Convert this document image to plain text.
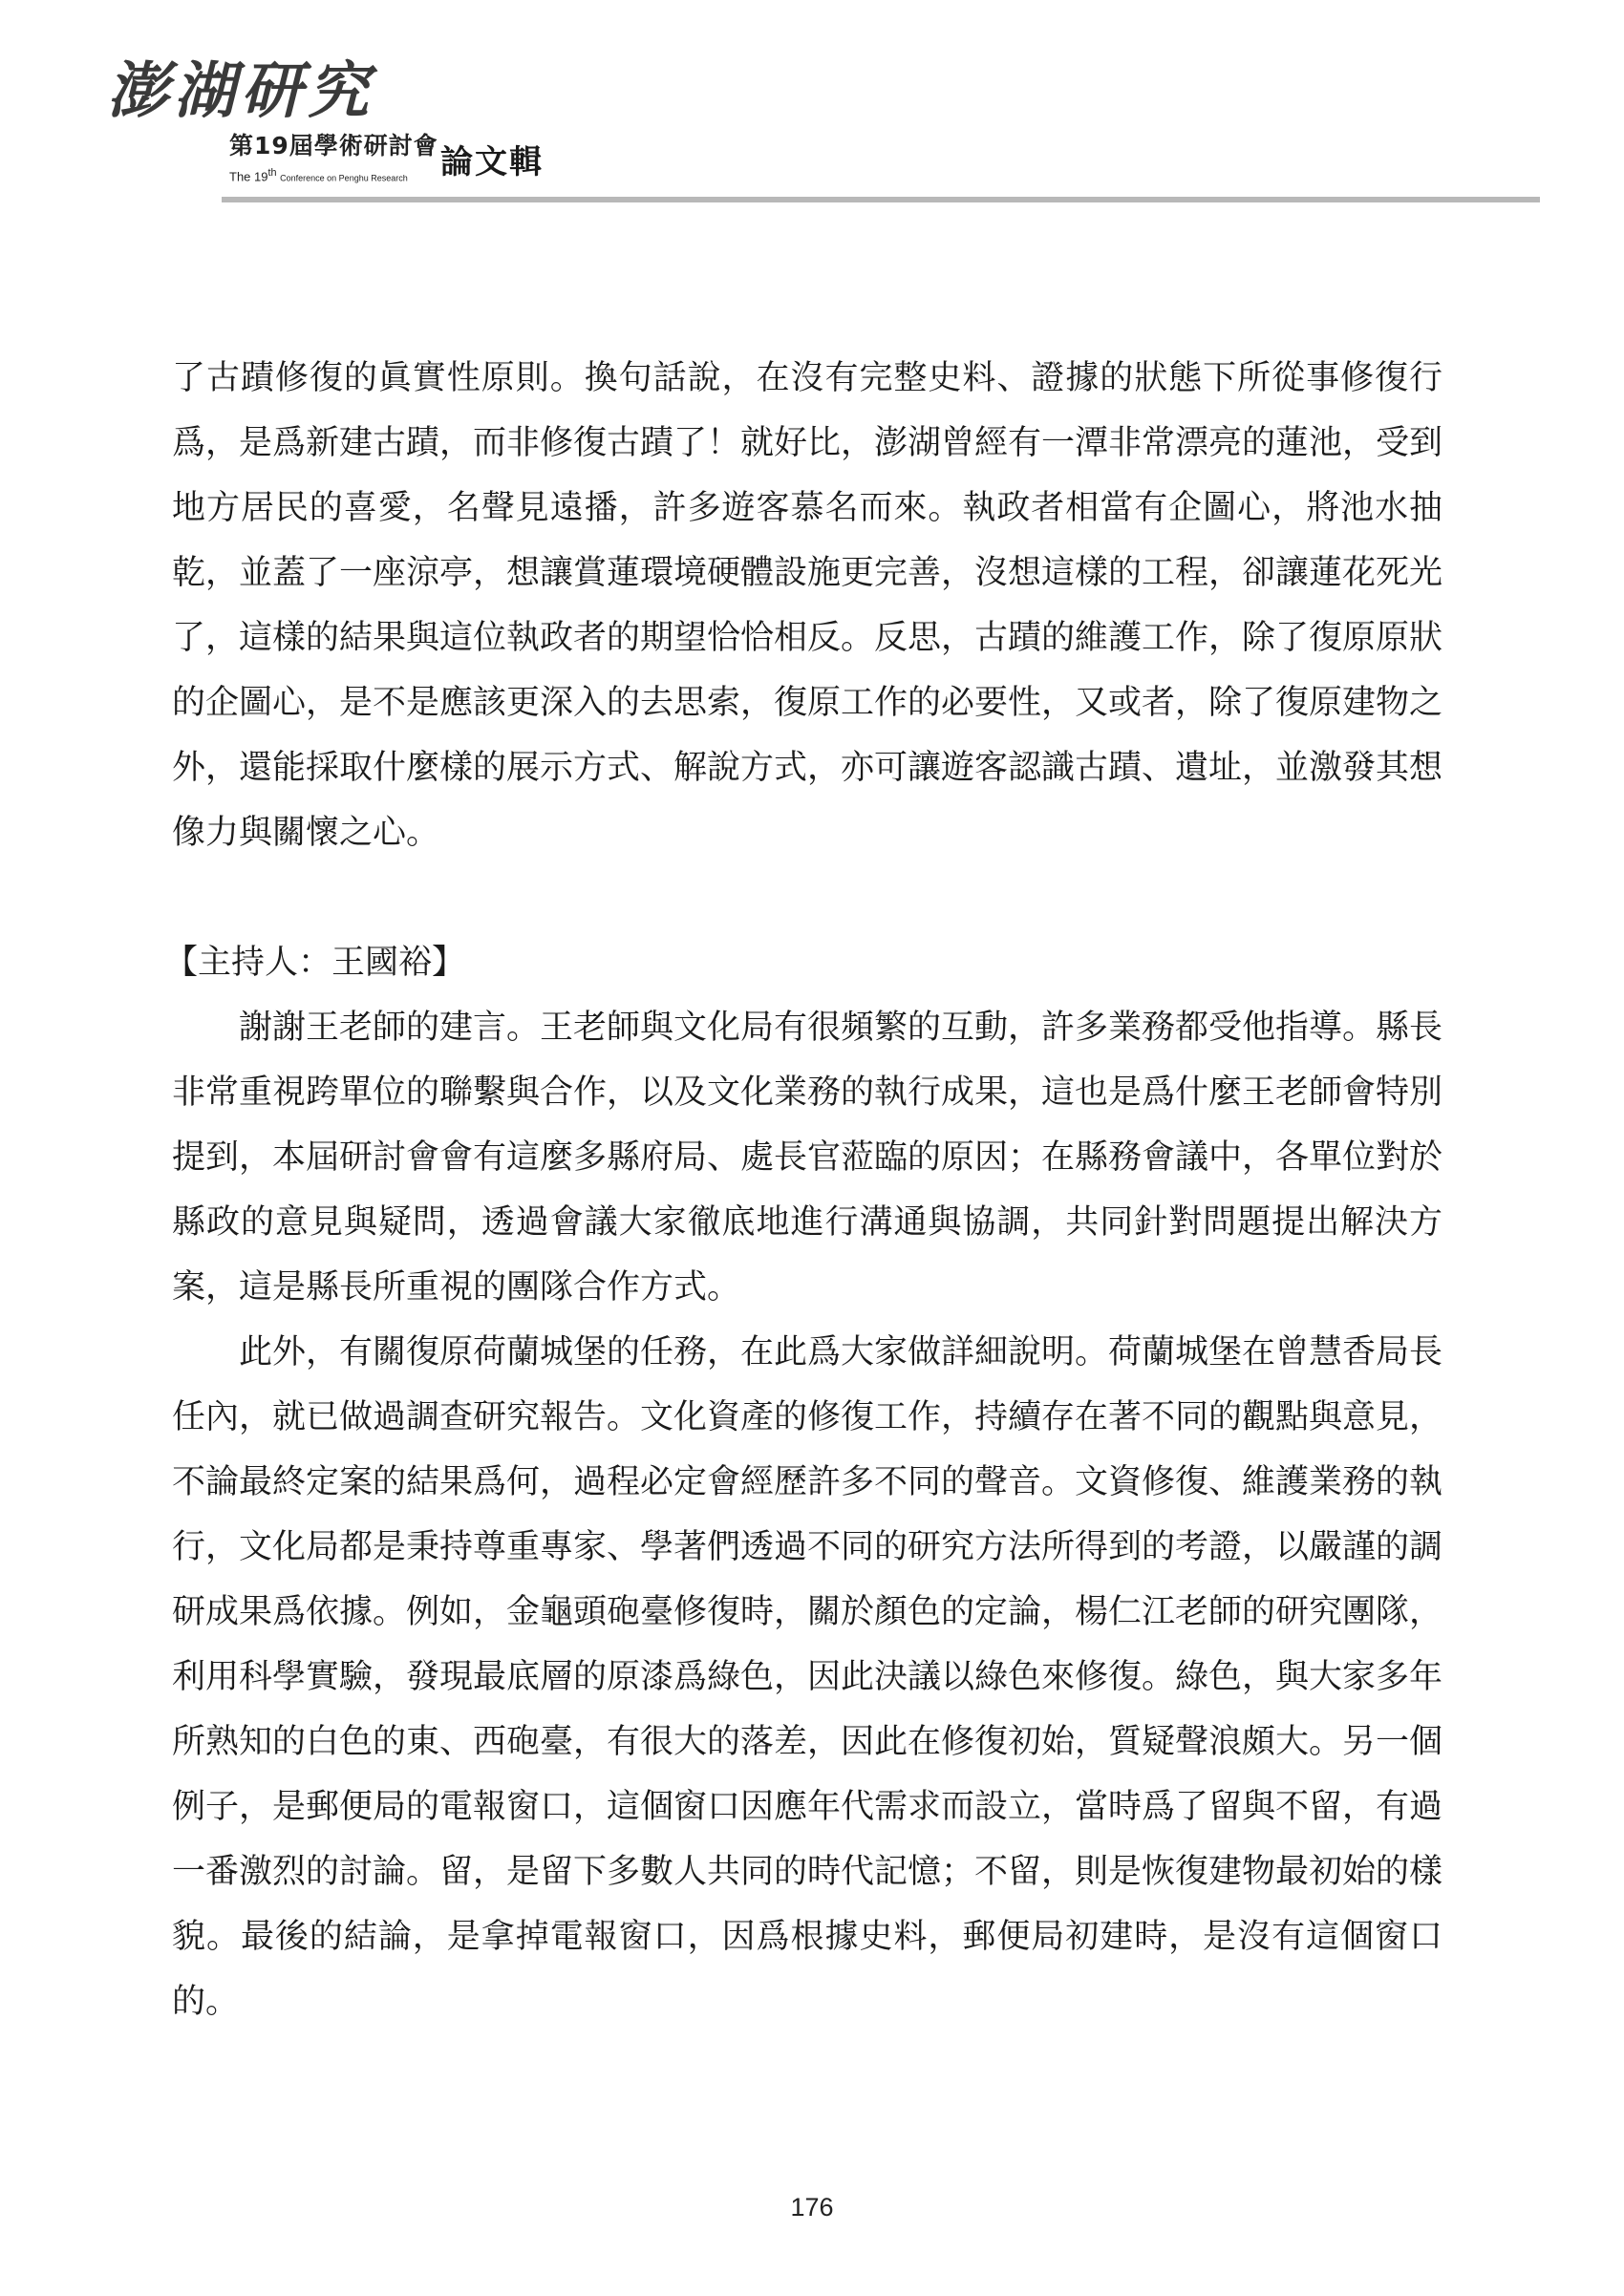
澎湖研究
第19屆學術研討會
The 19th Conference on Penghu Research 論文輯

了古蹟修復的眞實性原則。換句話說，在沒有完整史料、證據的狀態下所從事修復行爲，是爲新建古蹟，而非修復古蹟了！就好比，澎湖曾經有一潭非常漂亮的蓮池，受到地方居民的喜愛，名聲見遠播，許多遊客慕名而來。執政者相當有企圖心，將池水抽乾，並蓋了一座涼亭，想讓賞蓮環境硬體設施更完善，沒想這樣的工程，卻讓蓮花死光了，這樣的結果與這位執政者的期望恰恰相反。反思，古蹟的維護工作，除了復原原狀的企圖心，是不是應該更深入的去思索，復原工作的必要性，又或者，除了復原建物之外，還能採取什麼樣的展示方式、解說方式，亦可讓遊客認識古蹟、遺址，並激發其想像力與關懷之心。

【主持人：王國裕】

謝謝王老師的建言。王老師與文化局有很頻繁的互動，許多業務都受他指導。縣長非常重視跨單位的聯繫與合作，以及文化業務的執行成果，這也是爲什麼王老師會特別提到，本屆研討會會有這麼多縣府局、處長官蒞臨的原因；在縣務會議中，各單位對於縣政的意見與疑問，透過會議大家徹底地進行溝通與協調，共同針對問題提出解決方案，這是縣長所重視的團隊合作方式。

此外，有關復原荷蘭城堡的任務，在此爲大家做詳細說明。荷蘭城堡在曾慧香局長任內，就已做過調查研究報告。文化資產的修復工作，持續存在著不同的觀點與意見，不論最終定案的結果爲何，過程必定會經歷許多不同的聲音。文資修復、維護業務的執行，文化局都是秉持尊重專家、學著們透過不同的研究方法所得到的考證，以嚴謹的調研成果爲依據。例如，金龜頭砲臺修復時，關於顏色的定論，楊仁江老師的研究團隊，利用科學實驗，發現最底層的原漆爲綠色，因此決議以綠色來修復。綠色，與大家多年所熟知的白色的東、西砲臺，有很大的落差，因此在修復初始，質疑聲浪頗大。另一個例子，是郵便局的電報窗口，這個窗口因應年代需求而設立，當時爲了留與不留，有過一番激烈的討論。留，是留下多數人共同的時代記憶；不留，則是恢復建物最初始的樣貌。最後的結論，是拿掉電報窗口，因爲根據史料，郵便局初建時，是沒有這個窗口的。

176
